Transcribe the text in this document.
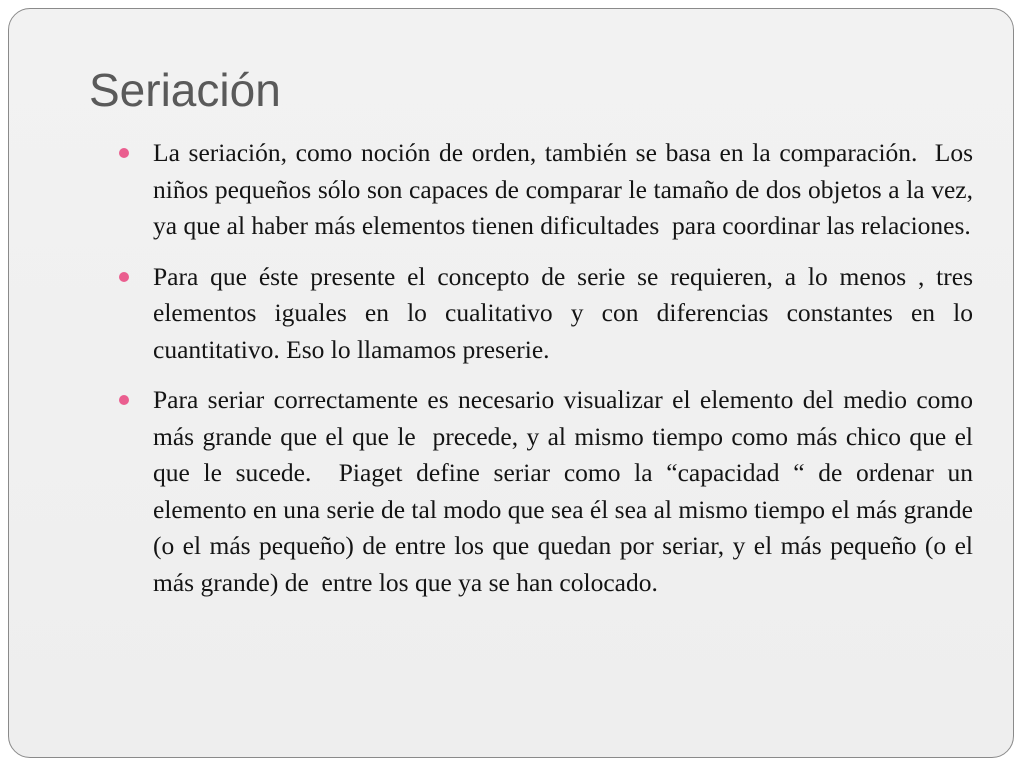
Seriación
La seriación, como noción de orden, también se basa en la comparación.  Los niños pequeños sólo son capaces de comparar le tamaño de dos objetos a la vez, ya que al haber más elementos tienen dificultades  para coordinar las relaciones.
Para que éste presente el concepto de serie se requieren, a lo menos , tres elementos iguales en lo cualitativo y con diferencias constantes en lo cuantitativo. Eso lo llamamos preserie.
Para seriar correctamente es necesario visualizar el elemento del medio como más grande que el que le  precede, y al mismo tiempo como más chico que el que le sucede.  Piaget define seriar como la “capacidad “ de ordenar un elemento en una serie de tal modo que sea él sea al mismo tiempo el más grande (o el más pequeño) de entre los que quedan por seriar, y el más pequeño (o el más grande) de  entre los que ya se han colocado.
